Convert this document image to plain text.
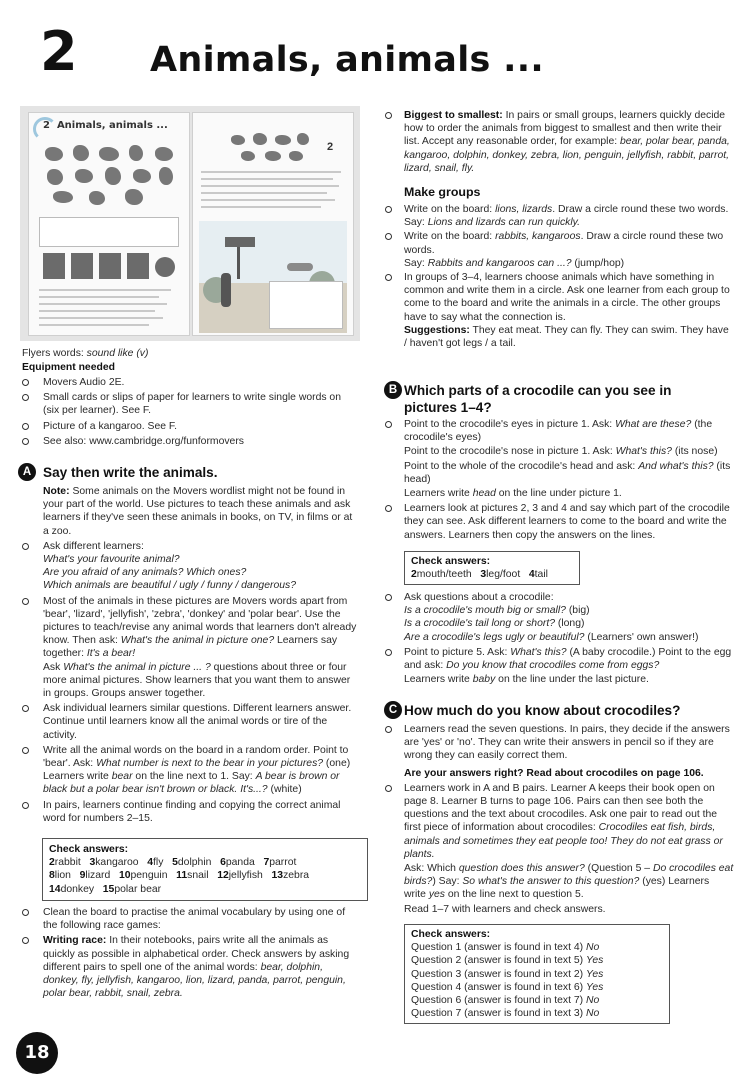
2 Animals, animals ...
2 Animals, animals ...
2
Flyers words: sound like (v)
Equipment needed
Movers Audio 2E.
Small cards or slips of paper for learners to write single words on (six per learner). See F.
Picture of a kangaroo. See F.
See also: www.cambridge.org/funformovers
A Say then write the animals.

Note: Some animals on the Movers wordlist might not be found in your part of the world. Use pictures to teach these animals and ask learners if they've seen these animals in books, on TV, in films or at a zoo.

Ask different learners:

What's your favourite animal?

Are you afraid of any animals? Which ones?

Which animals are beautiful / ugly / funny / dangerous?

Most of the animals in these pictures are Movers words apart from 'bear', 'lizard', 'jellyfish', 'zebra', 'donkey' and 'polar bear'. Use the pictures to teach/revise any animal words that learners don't already know. Then ask: What's the animal in picture one? Learners say together: It's a bear!

Ask What's the animal in picture ... ? questions about three or four more animal pictures. Show learners that you want them to answer in groups. Groups answer together.

Ask individual learners similar questions. Different learners answer. Continue until learners know all the animal words or tire of the activity.
Write all the animal words on the board in a random order. Point to 'bear'. Ask: What number is next to the bear in your pictures? (one) Learners write bear on the line next to 1. Say: A bear is brown or black but a polar bear isn't brown or black. It's...? (white)
In pairs, learners continue finding and copying the correct animal word for numbers 2–15.
Check answers:
2rabbit 3kangaroo 4fly 5dolphin 6panda 7parrot
8lion 9lizard 10penguin 11snail 12jellyfish 13zebra
14donkey 15polar bear
Clean the board to practise the animal vocabulary by using one of the following race games:
Writing race: In their notebooks, pairs write all the animals as quickly as possible in alphabetical order. Check answers by asking different pairs to spell one of the animal words: bear, dolphin, donkey, fly, jellyfish, kangaroo, lion, lizard, panda, parrot, penguin, polar bear, rabbit, snail, zebra.
Biggest to smallest: In pairs or small groups, learners quickly decide how to order the animals from biggest to smallest and then write their list. Accept any reasonable order, for example: bear, polar bear, panda, kangaroo, dolphin, donkey, zebra, lion, penguin, jellyfish, rabbit, parrot, lizard, snail, fly.
Make groups
Write on the board: lions, lizards. Draw a circle round these two words.

Say: Lions and lizards can run quickly.

Write on the board: rabbits, kangaroos. Draw a circle round these two words.

Say: Rabbits and kangaroos can ...? (jump/hop)

In groups of 3–4, learners choose animals which have something in common and write them in a circle. Ask one learner from each group to come to the board and write the animals in a circle. The other groups have to say what the connection is.

Suggestions: They eat meat. They can fly. They can swim. They have / haven't got legs / a tail.

B Which parts of a crocodile can you see in pictures 1–4?
Point to the crocodile's eyes in picture 1. Ask: What are these? (the crocodile's eyes)

Point to the crocodile's nose in picture 1. Ask: What's this? (its nose)

Point to the whole of the crocodile's head and ask: And what's this? (its head)

Learners write head on the line under picture 1.

Learners look at pictures 2, 3 and 4 and say which part of the crocodile they can see. Ask different learners to come to the board and write the answers. Learners then copy the answers on the lines.
Check answers:
2mouth/teeth 3leg/foot 4tail
Ask questions about a crocodile:

Is a crocodile's mouth big or small? (big)

Is a crocodile's tail long or short? (long)

Are a crocodile's legs ugly or beautiful? (Learners' own answer!)

Point to picture 5. Ask: What's this? (A baby crocodile.) Point to the egg and ask: Do you know that crocodiles come from eggs?

Learners write baby on the line under the last picture.

C How much do you know about crocodiles?
Learners read the seven questions. In pairs, they decide if the answers are 'yes' or 'no'. They can write their answers in pencil so if they are wrong they can easily correct them.

Are your answers right? Read about crocodiles on page 106.

Learners work in A and B pairs. Learner A keeps their book open on page 8. Learner B turns to page 106. Pairs can then see both the questions and the text about crocodiles. Ask one pair to read out the first piece of information about crocodiles: Crocodiles eat fish, birds, animals and sometimes they eat people too! They do not eat grass or plants.

Ask: Which question does this answer? (Question 5 – Do crocodiles eat birds?) Say: So what's the answer to this question? (yes) Learners write yes on the line next to question 5.

Read 1–7 with learners and check answers.

Check answers:
Question 1 (answer is found in text 4) No
Question 2 (answer is found in text 5) Yes
Question 3 (answer is found in text 2) Yes
Question 4 (answer is found in text 6) Yes
Question 6 (answer is found in text 7) No
Question 7 (answer is found in text 3) No
18
